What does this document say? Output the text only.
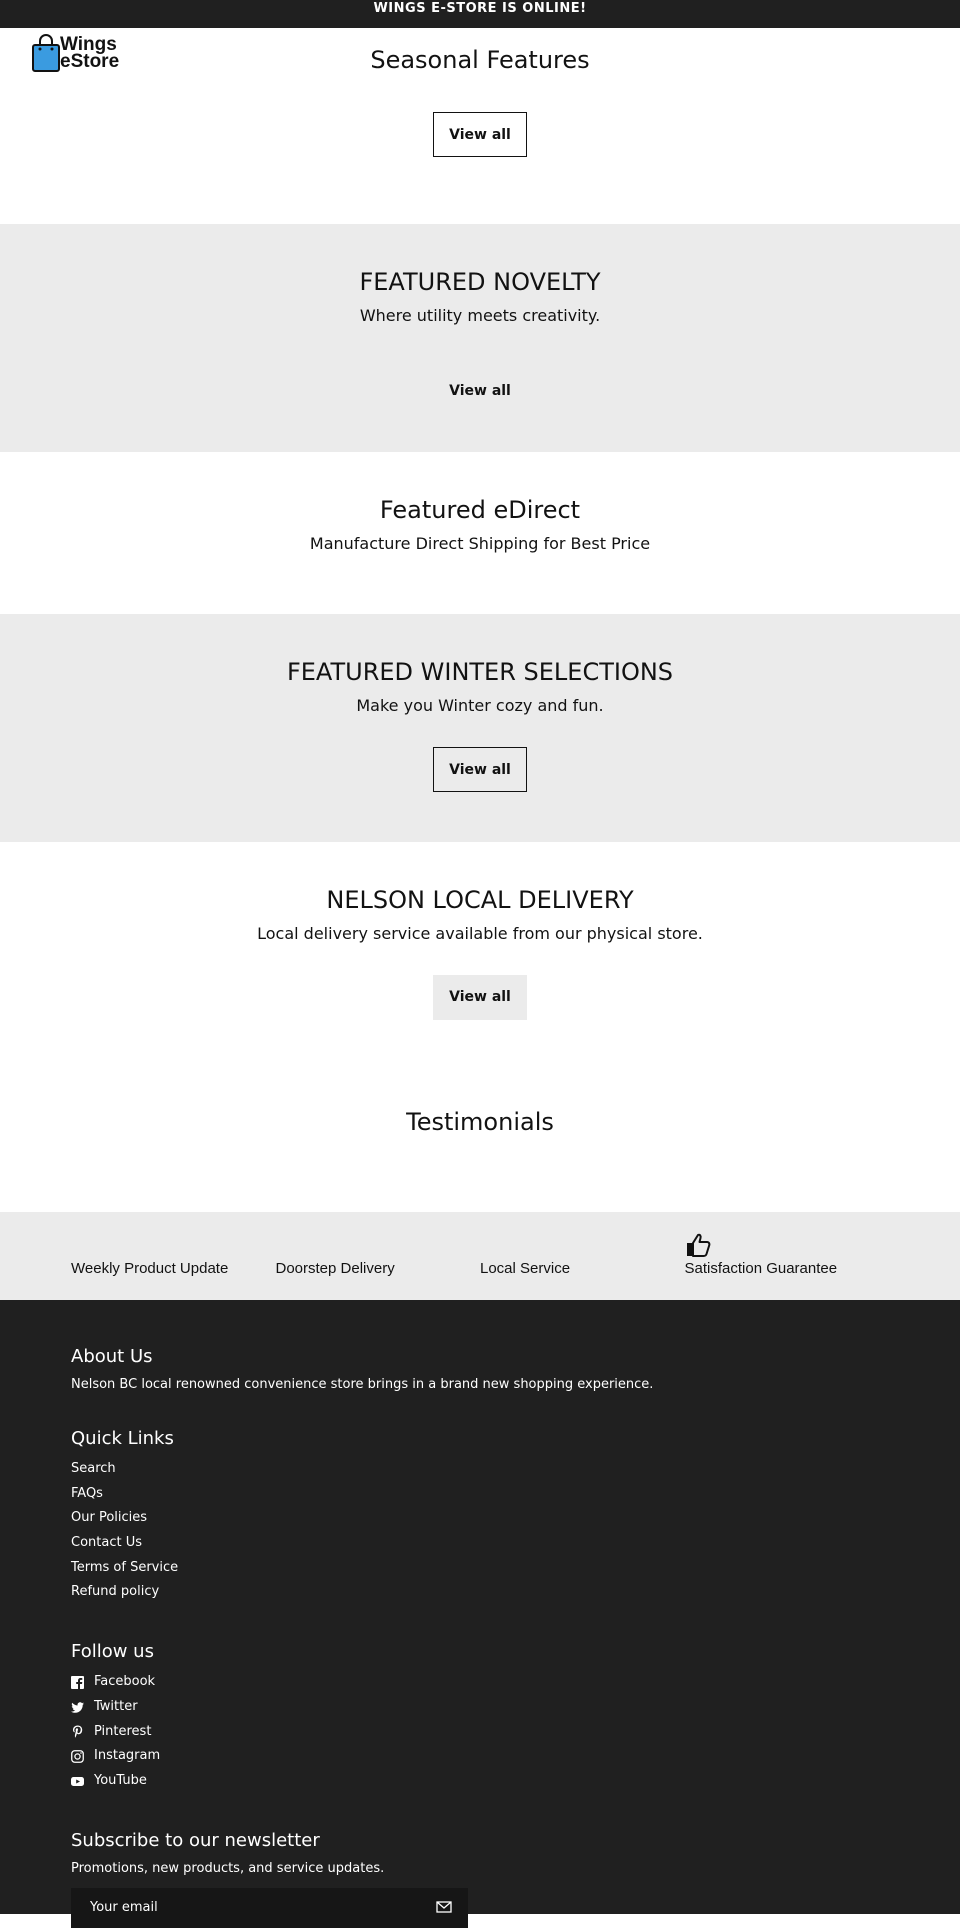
WINGS E-STORE IS ONLINE!
Wings
eStore	Seasonal Features
View all
FEATURED NOVELTY

Where utility meets creativity.

View all
Featured eDirect

Manufacture Direct Shipping for Best Price

FEATURED WINTER SELECTIONS

Make you Winter cozy and fun.

View all
NELSON LOCAL DELIVERY

Local delivery service available from our physical store.

View all
Testimonials
Weekly Product Update	Doorstep Delivery	Local Service	Satisfaction Guarantee
About Us

Nelson BC local renowned convenience store brings in a brand new shopping experience.

Quick Links
Search
FAQs
Our Policies
Contact Us
Terms of Service
Refund policy
Follow us
Facebook
Twitter
Pinterest
Instagram
YouTube
Subscribe to our newsletter

Promotions, new products, and service updates.

Your email
